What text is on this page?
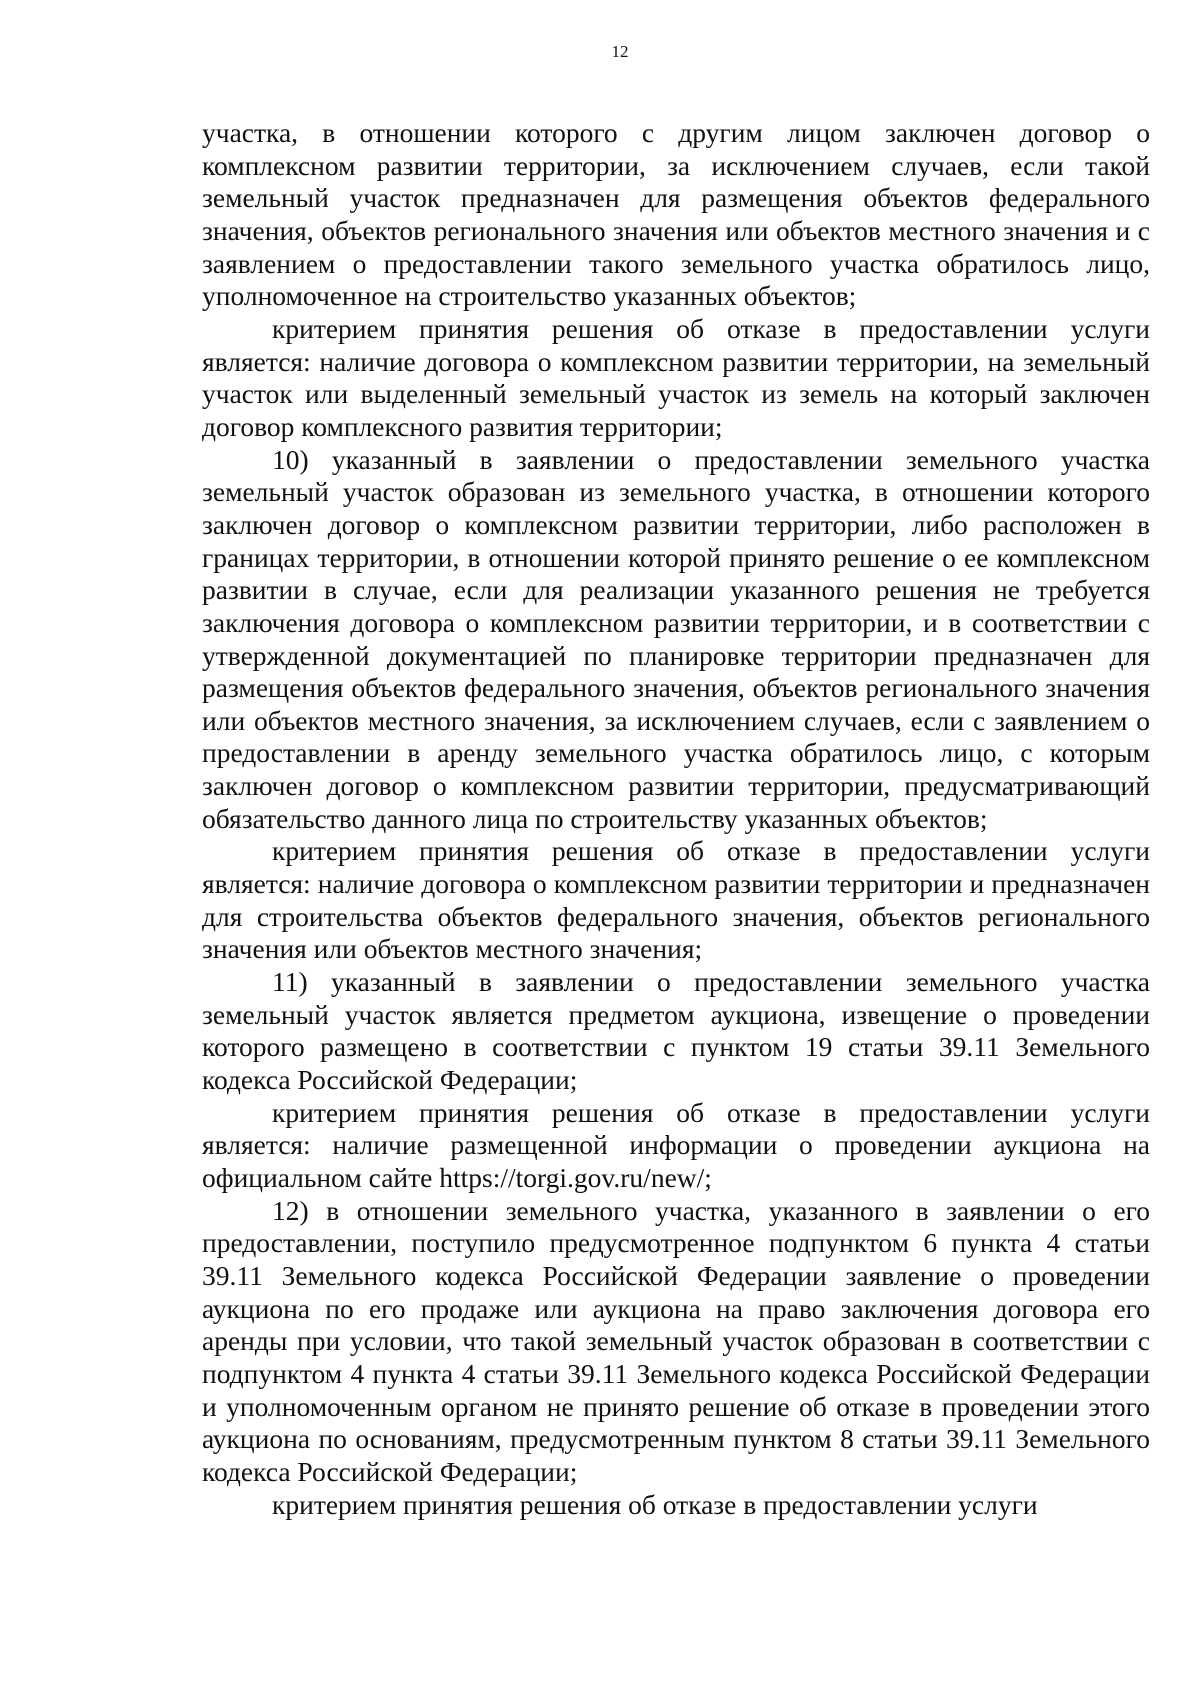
12

участка, в отношении которого с другим лицом заключен договор о комплексном развитии территории, за исключением случаев, если такой земельный участок предназначен для размещения объектов федерального значения, объектов регионального значения или объектов местного значения и с заявлением о предоставлении такого земельного участка обратилось лицо, уполномоченное на строительство указанных объектов;

критерием принятия решения об отказе в предоставлении услуги является: наличие договора о комплексном развитии территории, на земельный участок или выделенный земельный участок из земель на который заключен договор комплексного развития территории;

10) указанный в заявлении о предоставлении земельного участка земельный участок образован из земельного участка, в отношении которого заключен договор о комплексном развитии территории, либо расположен в границах территории, в отношении которой принято решение о ее комплексном развитии в случае, если для реализации указанного решения не требуется заключения договора о комплексном развитии территории, и в соответствии с утвержденной документацией по планировке территории предназначен для размещения объектов федерального значения, объектов регионального значения или объектов местного значения, за исключением случаев, если с заявлением о предоставлении в аренду земельного участка обратилось лицо, с которым заключен договор о комплексном развитии территории, предусматривающий обязательство данного лица по строительству указанных объектов;

критерием принятия решения об отказе в предоставлении услуги является: наличие договора о комплексном развитии территории и предназначен для строительства объектов федерального значения, объектов регионального значения или объектов местного значения;

11) указанный в заявлении о предоставлении земельного участка земельный участок является предметом аукциона, извещение о проведении которого размещено в соответствии с пунктом 19 статьи 39.11 Земельного кодекса Российской Федерации;

критерием принятия решения об отказе в предоставлении услуги является: наличие размещенной информации о проведении аукциона на официальном сайте https://torgi.gov.ru/new/;

12) в отношении земельного участка, указанного в заявлении о его предоставлении, поступило предусмотренное подпунктом 6 пункта 4 статьи 39.11 Земельного кодекса Российской Федерации заявление о проведении аукциона по его продаже или аукциона на право заключения договора его аренды при условии, что такой земельный участок образован в соответствии с подпунктом 4 пункта 4 статьи 39.11 Земельного кодекса Российской Федерации и уполномоченным органом не принято решение об отказе в проведении этого аукциона по основаниям, предусмотренным пунктом 8 статьи 39.11 Земельного кодекса Российской Федерации;

критерием принятия решения об отказе в предоставлении услуги
